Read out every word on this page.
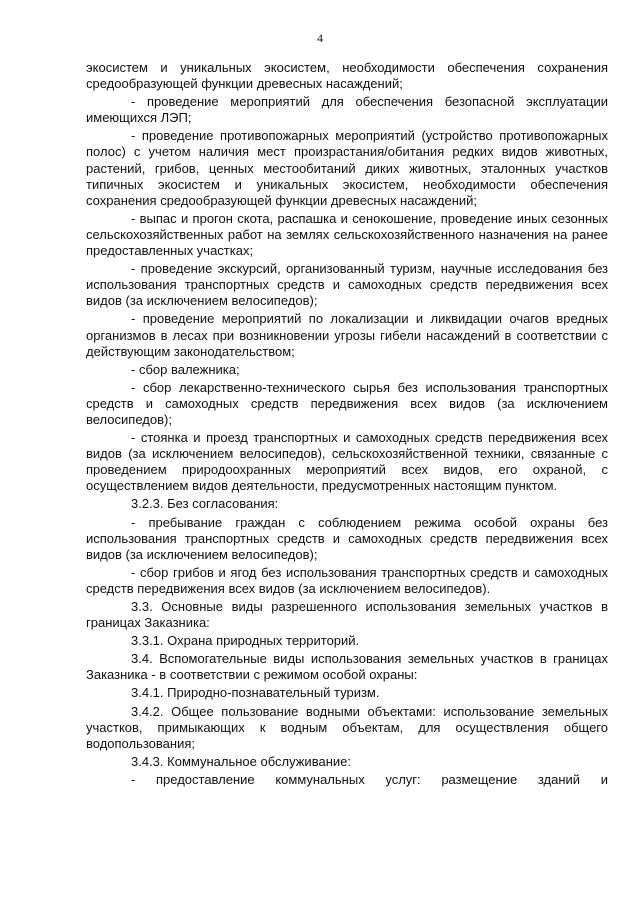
4

экосистем и уникальных экосистем, необходимости обеспечения сохранения средообразующей функции древесных насаждений;

- проведение мероприятий для обеспечения безопасной эксплуатации имеющихся ЛЭП;

- проведение противопожарных мероприятий (устройство противопожарных полос) с учетом наличия мест произрастания/обитания редких видов животных, растений, грибов, ценных местообитаний диких животных, эталонных участков типичных экосистем и уникальных экосистем, необходимости обеспечения сохранения средообразующей функции древесных насаждений;

- выпас и прогон скота, распашка и сенокошение, проведение иных сезонных сельскохозяйственных работ на землях сельскохозяйственного назначения на ранее предоставленных участках;

- проведение экскурсий, организованный туризм, научные исследования без использования транспортных средств и самоходных средств передвижения всех видов (за исключением велосипедов);

- проведение мероприятий по локализации и ликвидации очагов вредных организмов в лесах при возникновении угрозы гибели насаждений в соответствии с действующим законодательством;

- сбор валежника;

- сбор лекарственно-технического сырья без использования транспортных средств и самоходных средств передвижения всех видов (за исключением велосипедов);

- стоянка и проезд транспортных и самоходных средств передвижения всех видов (за исключением велосипедов), сельскохозяйственной техники, связанные с проведением природоохранных мероприятий всех видов, его охраной, с осуществлением видов деятельности, предусмотренных настоящим пунктом.

3.2.3. Без согласования:

- пребывание граждан с соблюдением режима особой охраны без использования транспортных средств и самоходных средств передвижения всех видов (за исключением велосипедов);

- сбор грибов и ягод без использования транспортных средств и самоходных средств передвижения всех видов (за исключением велосипедов).

3.3. Основные виды разрешенного использования земельных участков в границах Заказника:

3.3.1. Охрана природных территорий.

3.4. Вспомогательные виды использования земельных участков в границах Заказника - в соответствии с режимом особой охраны:

3.4.1. Природно-познавательный туризм.

3.4.2. Общее пользование водными объектами: использование земельных участков, примыкающих к водным объектам, для осуществления общего водопользования;

3.4.3. Коммунальное обслуживание:

- предоставление коммунальных услуг: размещение зданий и
